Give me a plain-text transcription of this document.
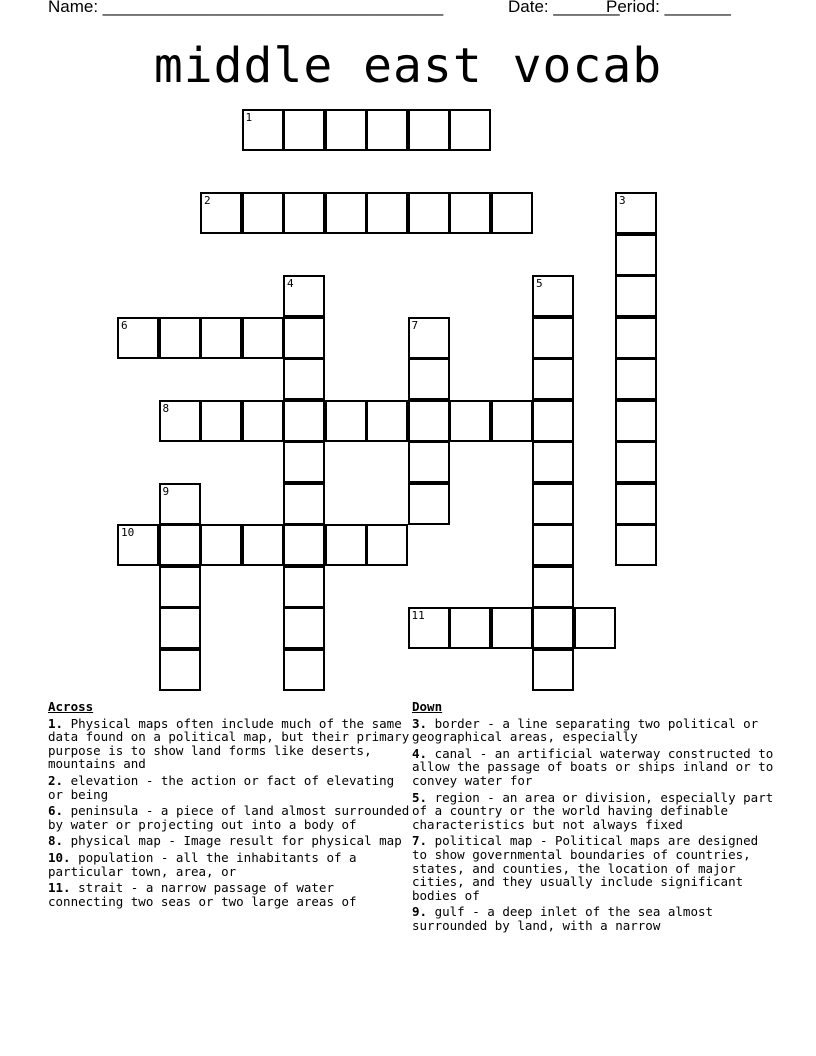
Name: ____________________________________	Date: _______
Period: _______
middle east vocab
1
2	3
4	5
6	7
8
9
10
11
Across
1. Physical maps often include much of the same data found on a political map, but their primary purpose is to show land forms like deserts, mountains and
2. elevation - the action or fact of elevating or being
6. peninsula - a piece of land almost surrounded by water or projecting out into a body of
8. physical map - Image result for physical map
10. population - all the inhabitants of a particular town, area, or
11. strait - a narrow passage of water connecting two seas or two large areas of
Down
3. border - a line separating two political or geographical areas, especially
4. canal - an artificial waterway constructed to allow the passage of boats or ships inland or to convey water for
5. region - an area or division, especially part of a country or the world having definable characteristics but not always fixed
7. political map - Political maps are designed to show governmental boundaries of countries, states, and counties, the location of major cities, and they usually include significant bodies of
9. gulf - a deep inlet of the sea almost surrounded by land, with a narrow
